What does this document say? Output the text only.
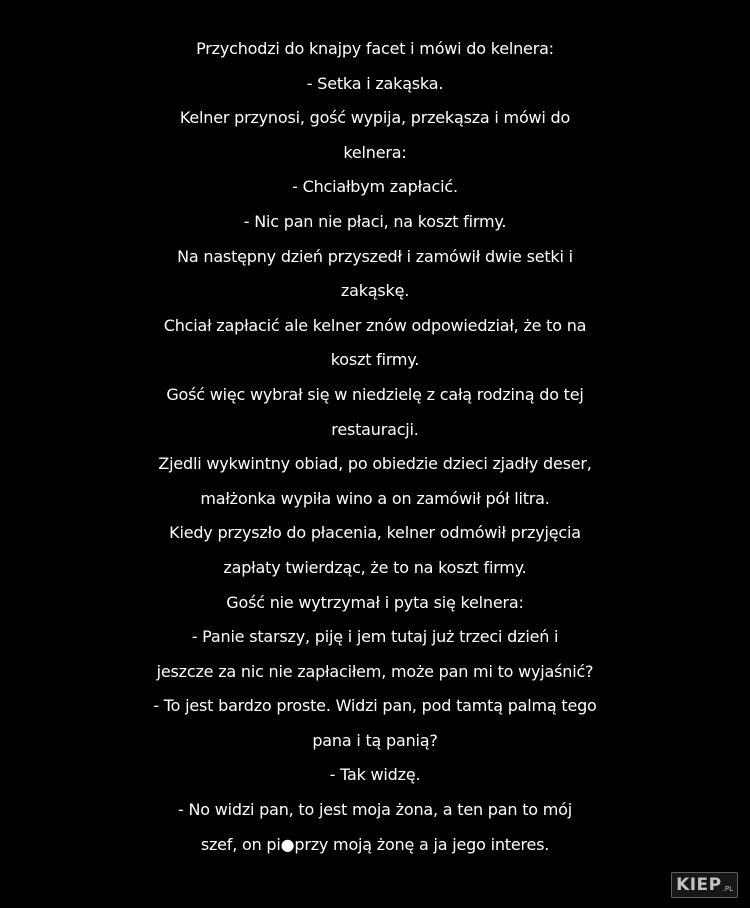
Przychodzi do knajpy facet i mówi do kelnera:
- Setka i zakąska.
Kelner przynosi, gość wypija, przekąsza i mówi do
kelnera:
- Chciałbym zapłacić.
- Nic pan nie płaci, na koszt firmy.
Na następny dzień przyszedł i zamówił dwie setki i
zakąskę.
Chciał zapłacić ale kelner znów odpowiedział, że to na
koszt firmy.
Gość więc wybrał się w niedzielę z całą rodziną do tej
restauracji.
Zjedli wykwintny obiad, po obiedzie dzieci zjadły deser,
małżonka wypiła wino a on zamówił pół litra.
Kiedy przyszło do płacenia, kelner odmówił przyjęcia
zapłaty twierdząc, że to na koszt firmy.
Gość nie wytrzymał i pyta się kelnera:
- Panie starszy, piję i jem tutaj już trzeci dzień i
jeszcze za nic nie zapłaciłem, może pan mi to wyjaśnić?
- To jest bardzo proste. Widzi pan, pod tamtą palmą tego
pana i tą panią?
- Tak widzę.
- No widzi pan, to jest moja żona, a ten pan to mój
szef, on pi●przy moją żonę a ja jego interes.
KIEP .PL
